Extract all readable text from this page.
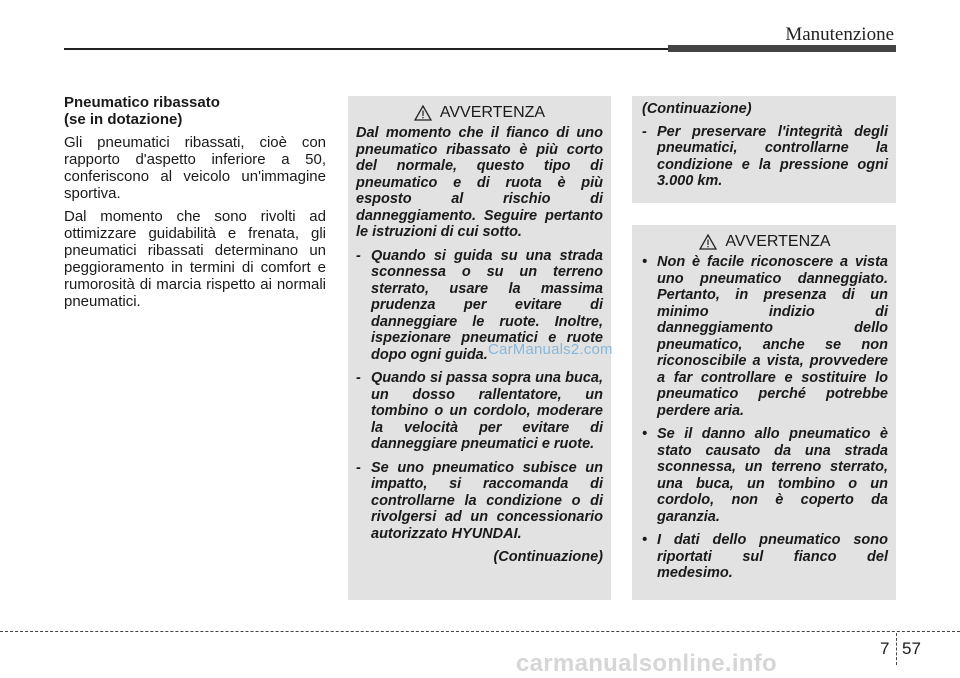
Manutenzione
Pneumatico ribassato
(se in dotazione)

Gli pneumatici ribassati, cioè con rapporto d'aspetto inferiore a 50, conferiscono al veicolo un'immagine sportiva.

Dal momento che sono rivolti ad ottimizzare guidabilità e frenata, gli pneumatici ribassati determinano un peggioramento in termini di comfort e rumorosità di marcia rispetto ai normali pneumatici.

AVVERTENZA

Dal momento che il fianco di uno pneumatico ribassato è più corto del normale, questo tipo di pneumatico e di ruota è più esposto al rischio di danneggiamento. Seguire pertanto le istruzioni di cui sotto.

- Quando si guida su una strada sconnessa o su un terreno sterrato, usare la massima prudenza per evitare di danneggiare le ruote. Inoltre, ispezionare pneumatici e ruote dopo ogni guida.
- Quando si passa sopra una buca, un dosso rallentatore, un tombino o un cordolo, moderare la velocità per evitare di danneggiare pneumatici e ruote.
- Se uno pneumatico subisce un impatto, si raccomanda di controllarne la condizione o di rivolgersi ad un concessionario autorizzato HYUNDAI.
(Continuazione)
(Continuazione)
- Per preservare l'integrità degli pneumatici, controllarne la condizione e la pressione ogni 3.000 km.
AVVERTENZA
• Non è facile riconoscere a vista uno pneumatico danneggiato. Pertanto, in presenza di un minimo indizio di danneggiamento dello pneumatico, anche se non riconoscibile a vista, provvedere a far controllare e sostituire lo pneumatico perché potrebbe perdere aria.
• Se il danno allo pneumatico è stato causato da una strada sconnessa, un terreno sterrato, una buca, un tombino o un cordolo, non è coperto da garanzia.
• I dati dello pneumatico sono riportati sul fianco del medesimo.
CarManuals2.com
7 57
carmanualsonline.info
